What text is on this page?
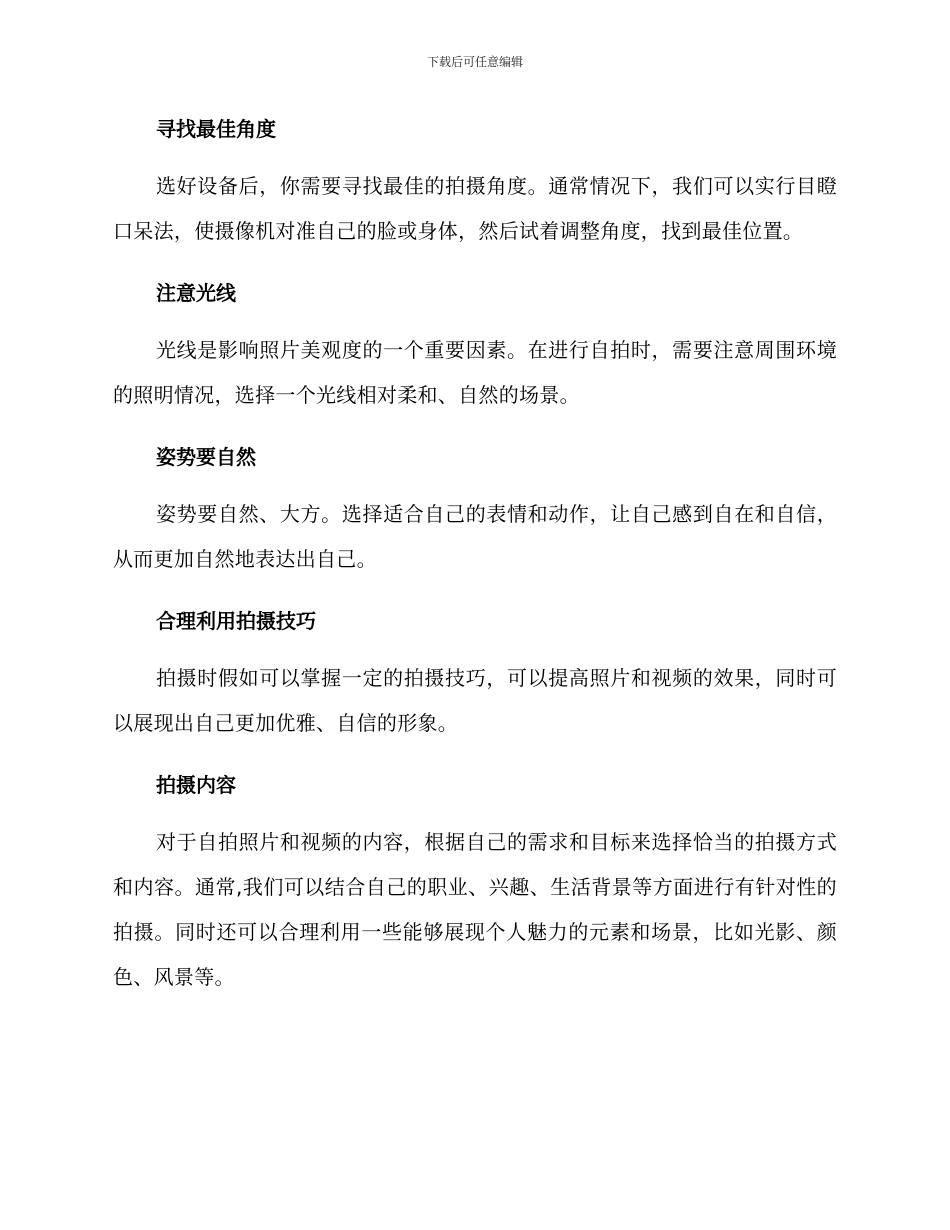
下载后可任意编辑
寻找最佳角度

选好设备后，你需要寻找最佳的拍摄角度。通常情况下，我们可以实行目瞪口呆法，使摄像机对准自己的脸或身体，然后试着调整角度，找到最佳位置。

注意光线

光线是影响照片美观度的一个重要因素。在进行自拍时，需要注意周围环境的照明情况，选择一个光线相对柔和、自然的场景。

姿势要自然

姿势要自然、大方。选择适合自己的表情和动作，让自己感到自在和自信，从而更加自然地表达出自己。

合理利用拍摄技巧

拍摄时假如可以掌握一定的拍摄技巧，可以提高照片和视频的效果，同时可以展现出自己更加优雅、自信的形象。

拍摄内容

对于自拍照片和视频的内容，根据自己的需求和目标来选择恰当的拍摄方式和内容。通常,我们可以结合自己的职业、兴趣、生活背景等方面进行有针对性的拍摄。同时还可以合理利用一些能够展现个人魅力的元素和场景，比如光影、颜色、风景等。
